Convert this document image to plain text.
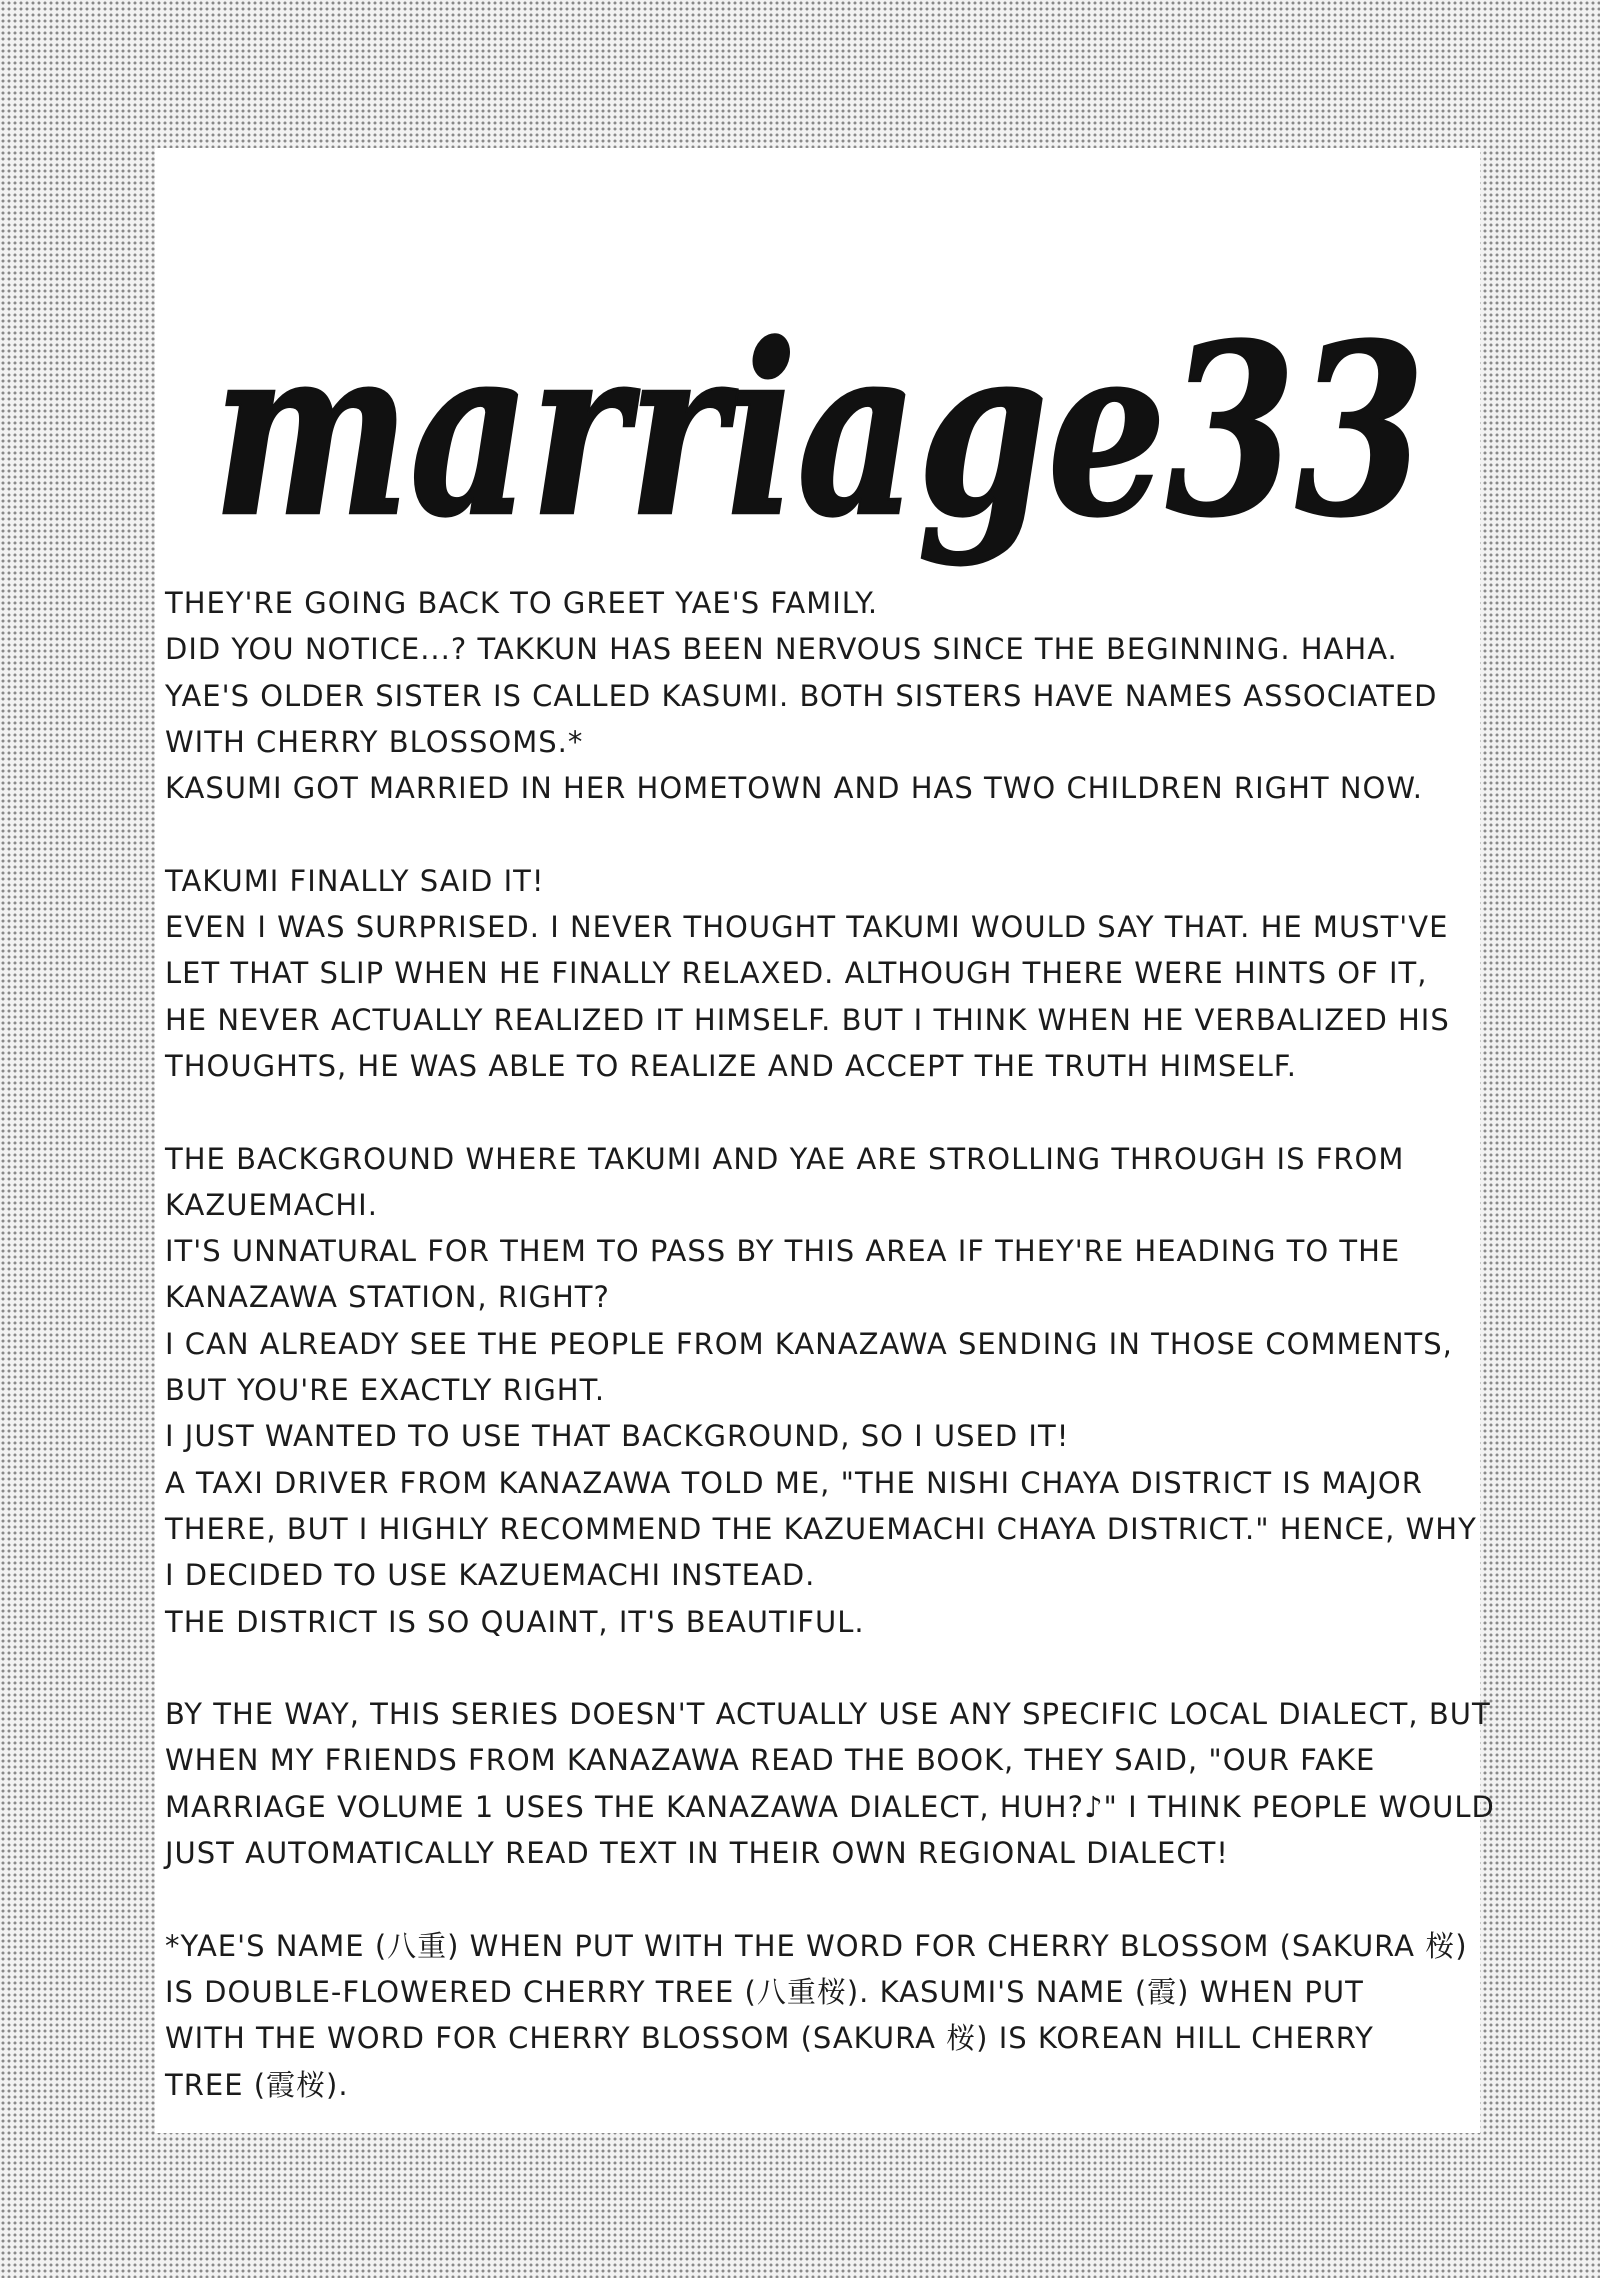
marriage33

THEY'RE GOING BACK TO GREET YAE'S FAMILY.

DID YOU NOTICE...? TAKKUN HAS BEEN NERVOUS SINCE THE BEGINNING. HAHA.

YAE'S OLDER SISTER IS CALLED KASUMI. BOTH SISTERS HAVE NAMES ASSOCIATED

WITH CHERRY BLOSSOMS.*

KASUMI GOT MARRIED IN HER HOMETOWN AND HAS TWO CHILDREN RIGHT NOW.

TAKUMI FINALLY SAID IT!

EVEN I WAS SURPRISED. I NEVER THOUGHT TAKUMI WOULD SAY THAT. HE MUST'VE

LET THAT SLIP WHEN HE FINALLY RELAXED. ALTHOUGH THERE WERE HINTS OF IT,

HE NEVER ACTUALLY REALIZED IT HIMSELF. BUT I THINK WHEN HE VERBALIZED HIS

THOUGHTS, HE WAS ABLE TO REALIZE AND ACCEPT THE TRUTH HIMSELF.

THE BACKGROUND WHERE TAKUMI AND YAE ARE STROLLING THROUGH IS FROM

KAZUEMACHI.

IT'S UNNATURAL FOR THEM TO PASS BY THIS AREA IF THEY'RE HEADING TO THE

KANAZAWA STATION, RIGHT?

I CAN ALREADY SEE THE PEOPLE FROM KANAZAWA SENDING IN THOSE COMMENTS,

BUT YOU'RE EXACTLY RIGHT.

I JUST WANTED TO USE THAT BACKGROUND, SO I USED IT!

A TAXI DRIVER FROM KANAZAWA TOLD ME, "THE NISHI CHAYA DISTRICT IS MAJOR

THERE, BUT I HIGHLY RECOMMEND THE KAZUEMACHI CHAYA DISTRICT." HENCE, WHY

I DECIDED TO USE KAZUEMACHI INSTEAD.

THE DISTRICT IS SO QUAINT, IT'S BEAUTIFUL.

BY THE WAY, THIS SERIES DOESN'T ACTUALLY USE ANY SPECIFIC LOCAL DIALECT, BUT

WHEN MY FRIENDS FROM KANAZAWA READ THE BOOK, THEY SAID, "OUR FAKE

MARRIAGE VOLUME 1 USES THE KANAZAWA DIALECT, HUH?♪" I THINK PEOPLE WOULD

JUST AUTOMATICALLY READ TEXT IN THEIR OWN REGIONAL DIALECT!

*YAE'S NAME (八重) WHEN PUT WITH THE WORD FOR CHERRY BLOSSOM (SAKURA 桜)

IS DOUBLE-FLOWERED CHERRY TREE (八重桜). KASUMI'S NAME (霞) WHEN PUT

WITH THE WORD FOR CHERRY BLOSSOM (SAKURA 桜) IS KOREAN HILL CHERRY

TREE (霞桜).
